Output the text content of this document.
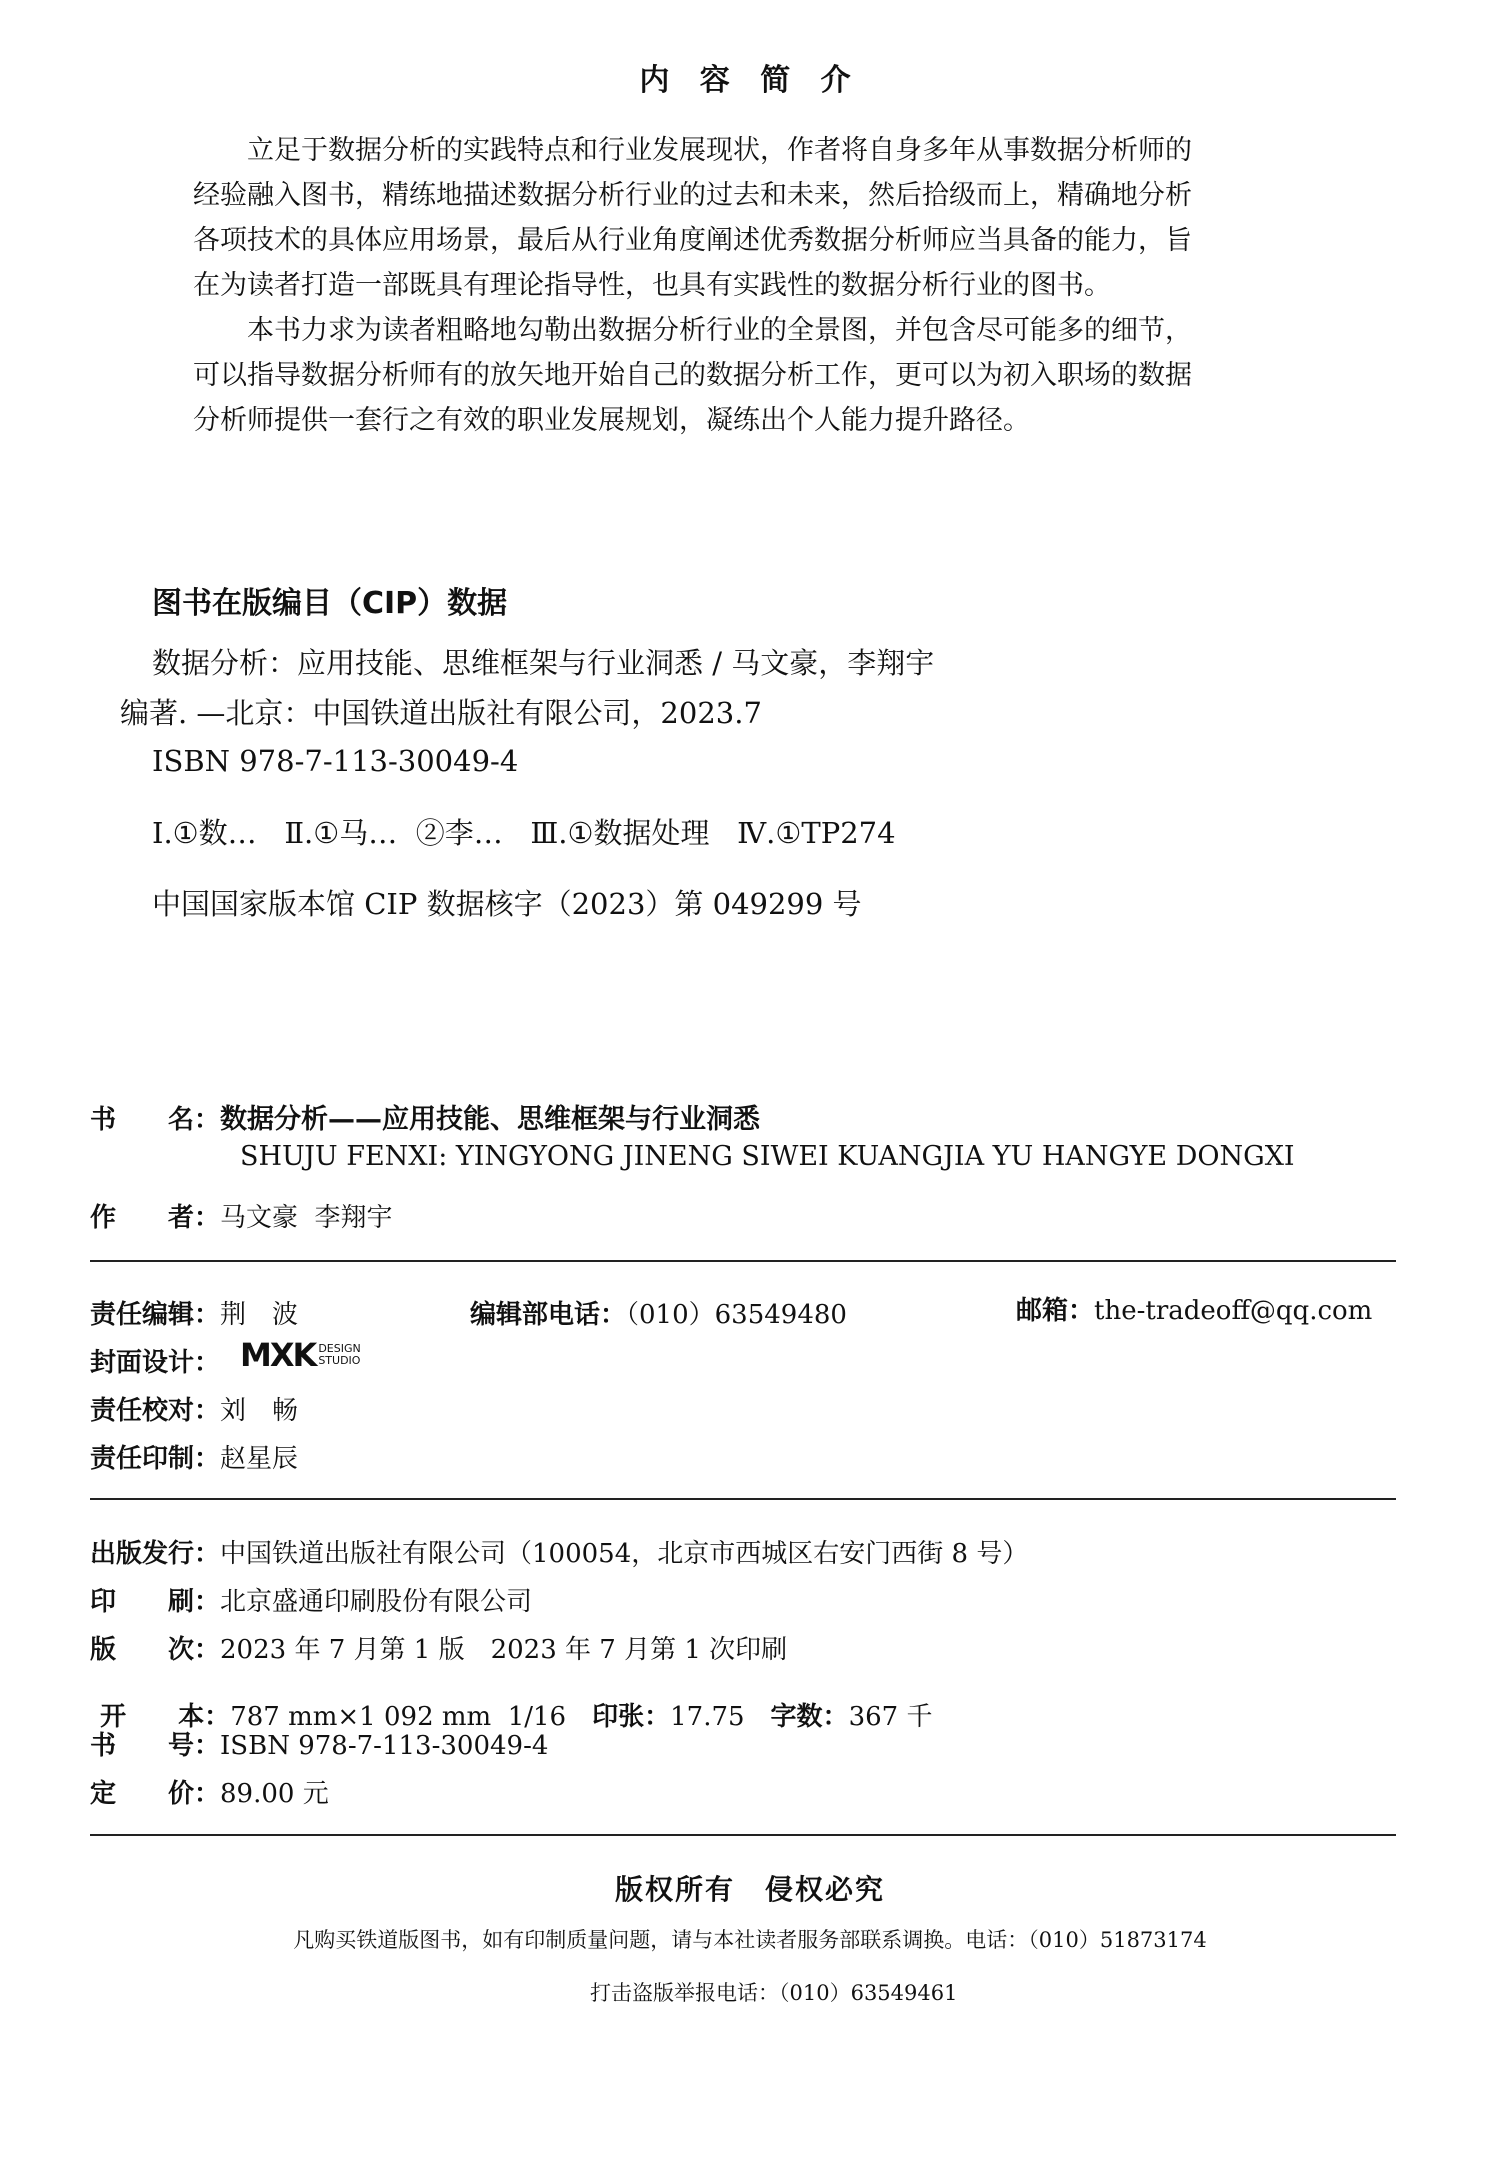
内 容 简 介
立足于数据分析的实践特点和行业发展现状，作者将自身多年从事数据分析师的
经验融入图书，精练地描述数据分析行业的过去和未来，然后拾级而上，精确地分析
各项技术的具体应用场景，最后从行业角度阐述优秀数据分析师应当具备的能力，旨
在为读者打造一部既具有理论指导性，也具有实践性的数据分析行业的图书。
本书力求为读者粗略地勾勒出数据分析行业的全景图，并包含尽可能多的细节，
可以指导数据分析师有的放矢地开始自己的数据分析工作，更可以为初入职场的数据
分析师提供一套行之有效的职业发展规划，凝练出个人能力提升路径。
图书在版编目（CIP）数据
数据分析：应用技能、思维框架与行业洞悉 / 马文豪，李翔宇
编著. —北京：中国铁道出版社有限公司，2023.7
ISBN 978-7-113-30049-4
Ⅰ.①数…   Ⅱ.①马…  ②李…   Ⅲ.①数据处理   Ⅳ.①TP274
中国国家版本馆 CIP 数据核字（2023）第 049299 号
书　　名：数据分析——应用技能、思维框架与行业洞悉
SHUJU FENXI: YINGYONG JINENG SIWEI KUANGJIA YU HANGYE DONGXI
作　　者：马文豪  李翔宇
责任编辑：荆　波	编辑部电话：（010）63549480	邮箱：the-tradeoff@qq.com
封面设计： MXK DESIGN
STUDIO
责任校对：刘　畅
责任印制：赵星辰
出版发行：中国铁道出版社有限公司（100054，北京市西城区右安门西街 8 号）
印　　刷：北京盛通印刷股份有限公司
版　　次：2023 年 7 月第 1 版　2023 年 7 月第 1 次印刷

开　　本：787 mm×1 092 mm  1/16　印张：17.75　字数：367 千

书　　号：ISBN 978-7-113-30049-4
定　　价：89.00 元
版权所有　侵权必究
凡购买铁道版图书，如有印制质量问题，请与本社读者服务部联系调换。电话：（010）51873174
打击盗版举报电话：（010）63549461
